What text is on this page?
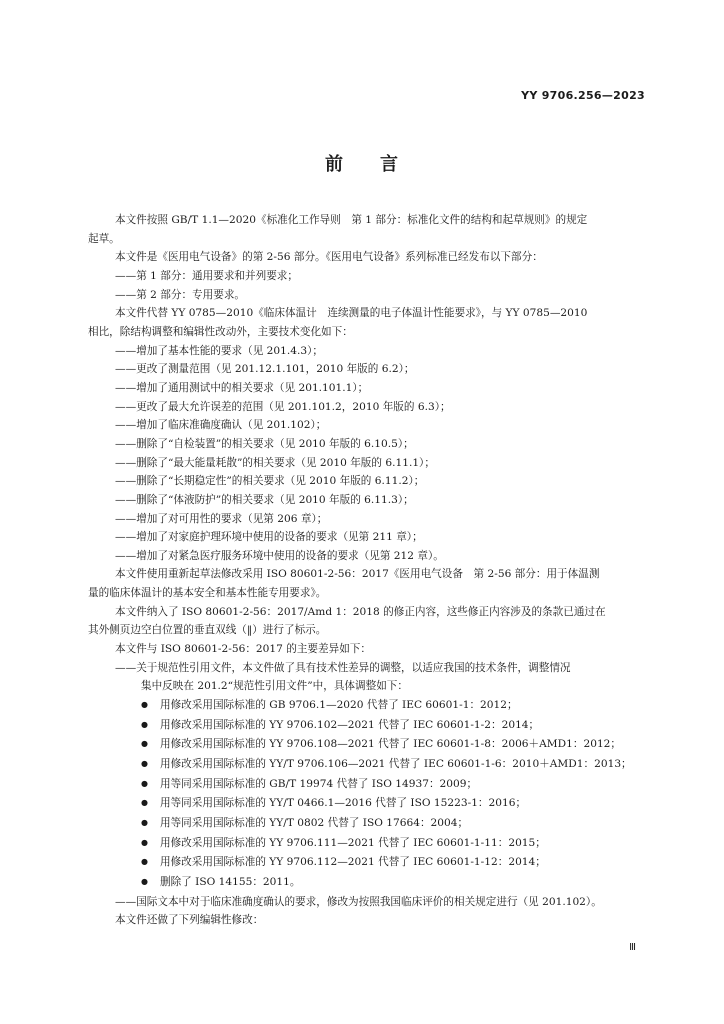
YY 9706.256—2023
前 言
本文件按照 GB/T 1.1—2020《标准化工作导则　第 1 部分：标准化文件的结构和起草规则》的规定
起草。
本文件是《医用电气设备》的第 2-56 部分。《医用电气设备》系列标准已经发布以下部分：
——第 1 部分：通用要求和并列要求；
——第 2 部分：专用要求。
本文件代替 YY 0785—2010《临床体温计　连续测量的电子体温计性能要求》，与 YY 0785—2010
相比，除结构调整和编辑性改动外，主要技术变化如下：
——增加了基本性能的要求（见 201.4.3）；
——更改了测量范围（见 201.12.1.101，2010 年版的 6.2）；
——增加了通用测试中的相关要求（见 201.101.1）；
——更改了最大允许误差的范围（见 201.101.2，2010 年版的 6.3）；
——增加了临床准确度确认（见 201.102）；
——删除了“自检装置”的相关要求（见 2010 年版的 6.10.5）；
——删除了“最大能量耗散”的相关要求（见 2010 年版的 6.11.1）；
——删除了“长期稳定性”的相关要求（见 2010 年版的 6.11.2）；
——删除了“体液防护”的相关要求（见 2010 年版的 6.11.3）；
——增加了对可用性的要求（见第 206 章）；
——增加了对家庭护理环境中使用的设备的要求（见第 211 章）；
——增加了对紧急医疗服务环境中使用的设备的要求（见第 212 章）。
本文件使用重新起草法修改采用 ISO 80601-2-56：2017《医用电气设备　第 2-56 部分：用于体温测
量的临床体温计的基本安全和基本性能专用要求》。
本文件纳入了 ISO 80601-2-56：2017/Amd 1：2018 的修正内容，这些修正内容涉及的条款已通过在
其外侧页边空白位置的垂直双线（‖）进行了标示。
本文件与 ISO 80601-2-56：2017 的主要差异如下：
——关于规范性引用文件，本文件做了具有技术性差异的调整，以适应我国的技术条件，调整情况
集中反映在 201.2“规范性引用文件”中，具体调整如下：
● 用修改采用国际标准的 GB 9706.1—2020 代替了 IEC 60601-1：2012；
● 用修改采用国际标准的 YY 9706.102—2021 代替了 IEC 60601-1-2：2014；
● 用修改采用国际标准的 YY 9706.108—2021 代替了 IEC 60601-1-8：2006＋AMD1：2012；
● 用修改采用国际标准的 YY/T 9706.106—2021 代替了 IEC 60601-1-6：2010＋AMD1：2013；
● 用等同采用国际标准的 GB/T 19974 代替了 ISO 14937：2009；
● 用等同采用国际标准的 YY/T 0466.1—2016 代替了 ISO 15223-1：2016；
● 用等同采用国际标准的 YY/T 0802 代替了 ISO 17664：2004；
● 用修改采用国际标准的 YY 9706.111—2021 代替了 IEC 60601-1-11：2015；
● 用修改采用国际标准的 YY 9706.112—2021 代替了 IEC 60601-1-12：2014；
● 删除了 ISO 14155：2011。
——国际文本中对于临床准确度确认的要求，修改为按照我国临床评价的相关规定进行（见 201.102）。
本文件还做了下列编辑性修改：
Ⅲ
